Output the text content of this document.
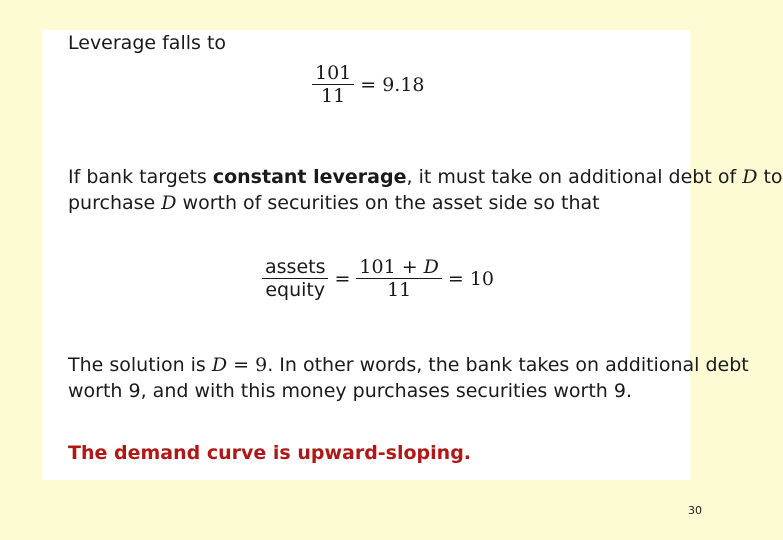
Leverage falls to
$\frac{101}{11} = 9.18$
If bank targets constant leverage, it must take on additional debt of D to
purchase D worth of securities on the asset side so that
$\frac{\text{assets}}{\text{equity}} = \frac{101 + D}{11} = 10$
The solution is D = 9. In other words, the bank takes on additional debt
worth 9, and with this money purchases securities worth 9.
The demand curve is upward-sloping.
30
